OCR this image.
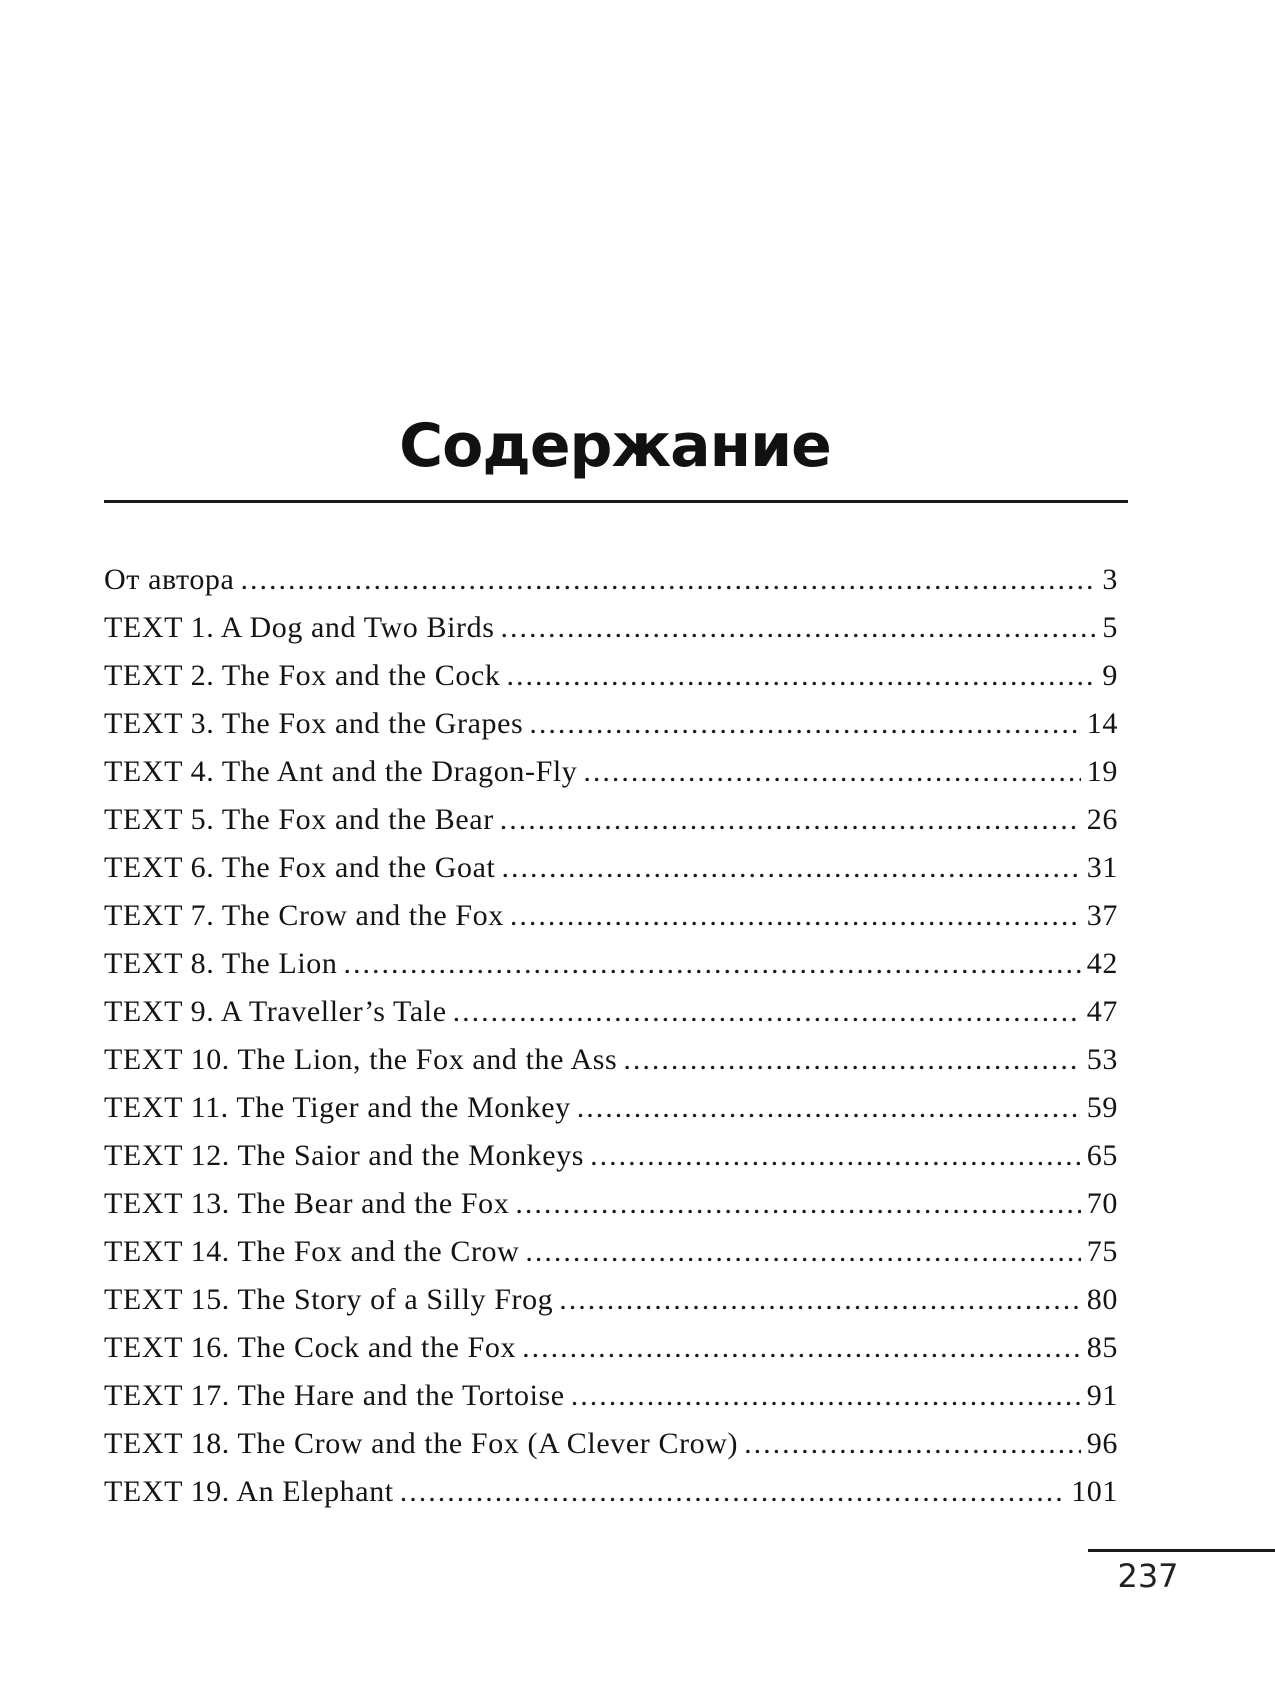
Содержание
От автора .....	3
TEXT 1. A Dog and Two Birds .....	5
TEXT 2. The Fox and the Cock .....	9
TEXT 3. The Fox and the Grapes .....	14
TEXT 4. The Ant and the Dragon-Fly .....	19
TEXT 5. The Fox and the Bear .....	26
TEXT 6. The Fox and the Goat .....	31
TEXT 7. The Crow and the Fox .....	37
TEXT 8. The Lion .....	42
TEXT 9. A Traveller’s Tale .....	47
TEXT 10. The Lion, the Fox and the Ass .....	53
TEXT 11. The Tiger and the Monkey .....	59
TEXT 12. The Saior and the Monkeys .....	65
TEXT 13. The Bear and the Fox .....	70
TEXT 14. The Fox and the Crow .....	75
TEXT 15. The Story of a Silly Frog .....	80
TEXT 16. The Cock and the Fox .....	85
TEXT 17. The Hare and the Tortoise .....	91
TEXT 18. The Crow and the Fox (A Clever Crow) .....	96
TEXT 19. An Elephant .....	101
237
